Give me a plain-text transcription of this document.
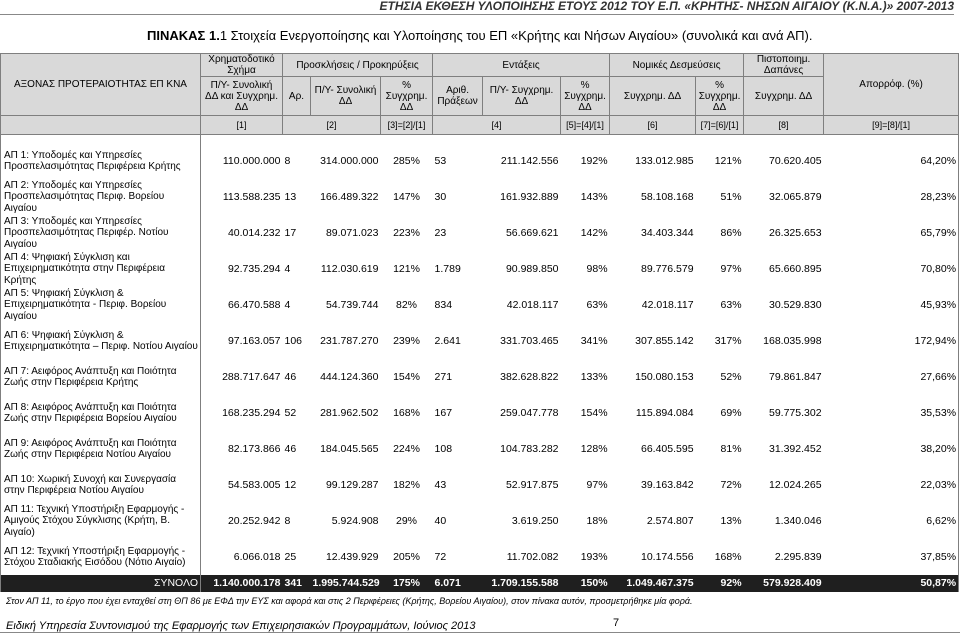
ΕΤΗΣΙΑ ΕΚΘΕΣΗ ΥΛΟΠΟΙΗΣΗΣ ΕΤΟΥΣ 2012 ΤΟΥ Ε.Π. «ΚΡΗΤΗΣ- ΝΗΣΩΝ ΑΙΓΑΙΟΥ (Κ.Ν.Α.)» 2007-2013
ΠΙΝΑΚΑΣ 1.1 Στοιχεία Ενεργοποίησης και Υλοποίησης του ΕΠ «Κρήτης και Νήσων Αιγαίου» (συνολικά και ανά ΑΠ).
ΑΞΟΝΑΣ ΠΡΟΤΕΡΑΙΟΤΗΤΑΣ ΕΠ ΚΝΑ	Χρηματοδοτικό Σχήμα	Προσκλήσεις / Προκηρύξεις			Εντάξεις			Νομικές Δεσμεύσεις		Πιστοποιημ. Δαπάνες	Απορρόφ. (%)
	Π/Υ- Συνολική ΔΔ και Συγχρημ. ΔΔ	Αρ.	Π/Υ- Συνολική ΔΔ	% Συγχρημ. ΔΔ	Αριθ. Πράξεων	Π/Υ- Συγχρημ. ΔΔ	% Συγχρημ. ΔΔ	Συγχρημ. ΔΔ	% Συγχρημ. ΔΔ	Συγχρημ. ΔΔ	
	[1]	[2]		[3]=[2]/[1]	[4]		[5]=[4]/[1]	[6]	[7]=[6]/[1]	[8]	[9]=[8]/[1]

ΑΠ 1: Υποδομές και Υπηρεσίες Προσπελασιμότητας Περιφέρεια Κρήτης	110.000.000	8	314.000.000	285%	53	211.142.556	192%	133.012.985	121%	70.620.405	64,20%
ΑΠ 2: Υποδομές και Υπηρεσίες Προσπελασιμότητας Περιφ. Βορείου Αιγαίου	113.588.235	13	166.489.322	147%	30	161.932.889	143%	58.108.168	51%	32.065.879	28,23%
ΑΠ 3: Υποδομές και Υπηρεσίες Προσπελασιμότητας Περιφέρ. Νοτίου Αιγαίου	40.014.232	17	89.071.023	223%	23	56.669.621	142%	34.403.344	86%	26.325.653	65,79%
ΑΠ 4: Ψηφιακή Σύγκλιση και Επιχειρηματικότητα στην Περιφέρεια Κρήτης	92.735.294	4	112.030.619	121%	1.789	90.989.850	98%	89.776.579	97%	65.660.895	70,80%
ΑΠ 5: Ψηφιακή Σύγκλιση & Επιχειρηματικότητα - Περιφ. Βορείου Αιγαίου	66.470.588	4	54.739.744	82%	834	42.018.117	63%	42.018.117	63%	30.529.830	45,93%
ΑΠ 6: Ψηφιακή Σύγκλιση & Επιχειρηματικότητα – Περιφ. Νοτίου Αιγαίου	97.163.057	106	231.787.270	239%	2.641	331.703.465	341%	307.855.142	317%	168.035.998	172,94%
ΑΠ 7: Αειφόρος Ανάπτυξη και Ποιότητα Ζωής στην Περιφέρεια Κρήτης	288.717.647	46	444.124.360	154%	271	382.628.822	133%	150.080.153	52%	79.861.847	27,66%
ΑΠ 8: Αειφόρος Ανάπτυξη και Ποιότητα Ζωής στην Περιφέρεια Βορείου Αιγαίου	168.235.294	52	281.962.502	168%	167	259.047.778	154%	115.894.084	69%	59.775.302	35,53%
ΑΠ 9: Αειφόρος Ανάπτυξη και Ποιότητα Ζωής στην Περιφέρεια Νοτίου Αιγαίου	82.173.866	46	184.045.565	224%	108	104.783.282	128%	66.405.595	81%	31.392.452	38,20%
ΑΠ 10: Χωρική Συνοχή και Συνεργασία στην Περιφέρεια Νοτίου Αιγαίου	54.583.005	12	99.129.287	182%	43	52.917.875	97%	39.163.842	72%	12.024.265	22,03%
ΑΠ 11: Τεχνική Υποστήριξη Εφαρμογής - Αμιγούς Στόχου Σύγκλισης (Κρήτη, Β. Αιγαίο)	20.252.942	8	5.924.908	29%	40	3.619.250	18%	2.574.807	13%	1.340.046	6,62%
ΑΠ 12: Τεχνική Υποστήριξη Εφαρμογής - Στόχου Σταδιακής Εισόδου (Νότιο Αιγαίο)	6.066.018	25	12.439.929	205%	72	11.702.082	193%	10.174.556	168%	2.295.839	37,85%
ΣΥΝΟΛΟ	1.140.000.178	341	1.995.744.529	175%	6.071	1.709.155.588	150%	1.049.467.375	92%	579.928.409	50,87%
Στον ΑΠ 11, το έργο που έχει ενταχθεί στη ΘΠ 86 με ΕΦΔ την ΕΥΣ και αφορά και στις 2 Περιφέρειες (Κρήτης, Βορείου Αιγαίου), στον πίνακα αυτόν, προσμετρήθηκε μία φορά.
Ειδική Υπηρεσία Συντονισμού της Εφαρμογής των Επιχειρησιακών Προγραμμάτων, Ιούνιος 2013	7
